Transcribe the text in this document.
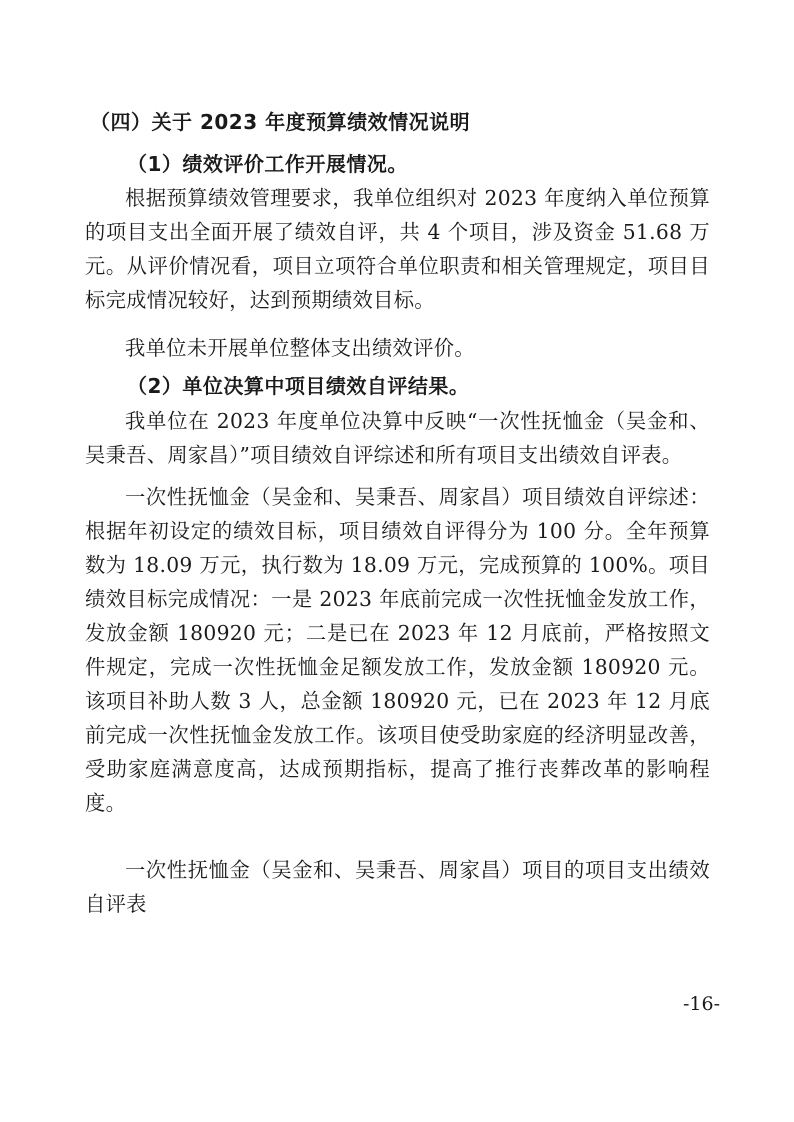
（四）关于 2023 年度预算绩效情况说明
（1）绩效评价工作开展情况。

根据预算绩效管理要求，我单位组织对 2023 年度纳入单位预算的项目支出全面开展了绩效自评，共 4 个项目，涉及资金 51.68 万元。从评价情况看，项目立项符合单位职责和相关管理规定，项目目标完成情况较好，达到预期绩效目标。

我单位未开展单位整体支出绩效评价。

（2）单位决算中项目绩效自评结果。

我单位在 2023 年度单位决算中反映“一次性抚恤金（吴金和、吴秉吾、周家昌）”项目绩效自评综述和所有项目支出绩效自评表。

一次性抚恤金（吴金和、吴秉吾、周家昌）项目绩效自评综述：根据年初设定的绩效目标，项目绩效自评得分为 100 分。全年预算数为 18.09 万元，执行数为 18.09 万元，完成预算的 100%。项目绩效目标完成情况：一是 2023 年底前完成一次性抚恤金发放工作，发放金额 180920 元；二是已在 2023 年 12 月底前，严格按照文件规定，完成一次性抚恤金足额发放工作，发放金额 180920 元。该项目补助人数 3 人，总金额 180920 元，已在 2023 年 12 月底前完成一次性抚恤金发放工作。该项目使受助家庭的经济明显改善，受助家庭满意度高，达成预期指标，提高了推行丧葬改革的影响程度。

一次性抚恤金（吴金和、吴秉吾、周家昌）项目的项目支出绩效自评表

-16-
